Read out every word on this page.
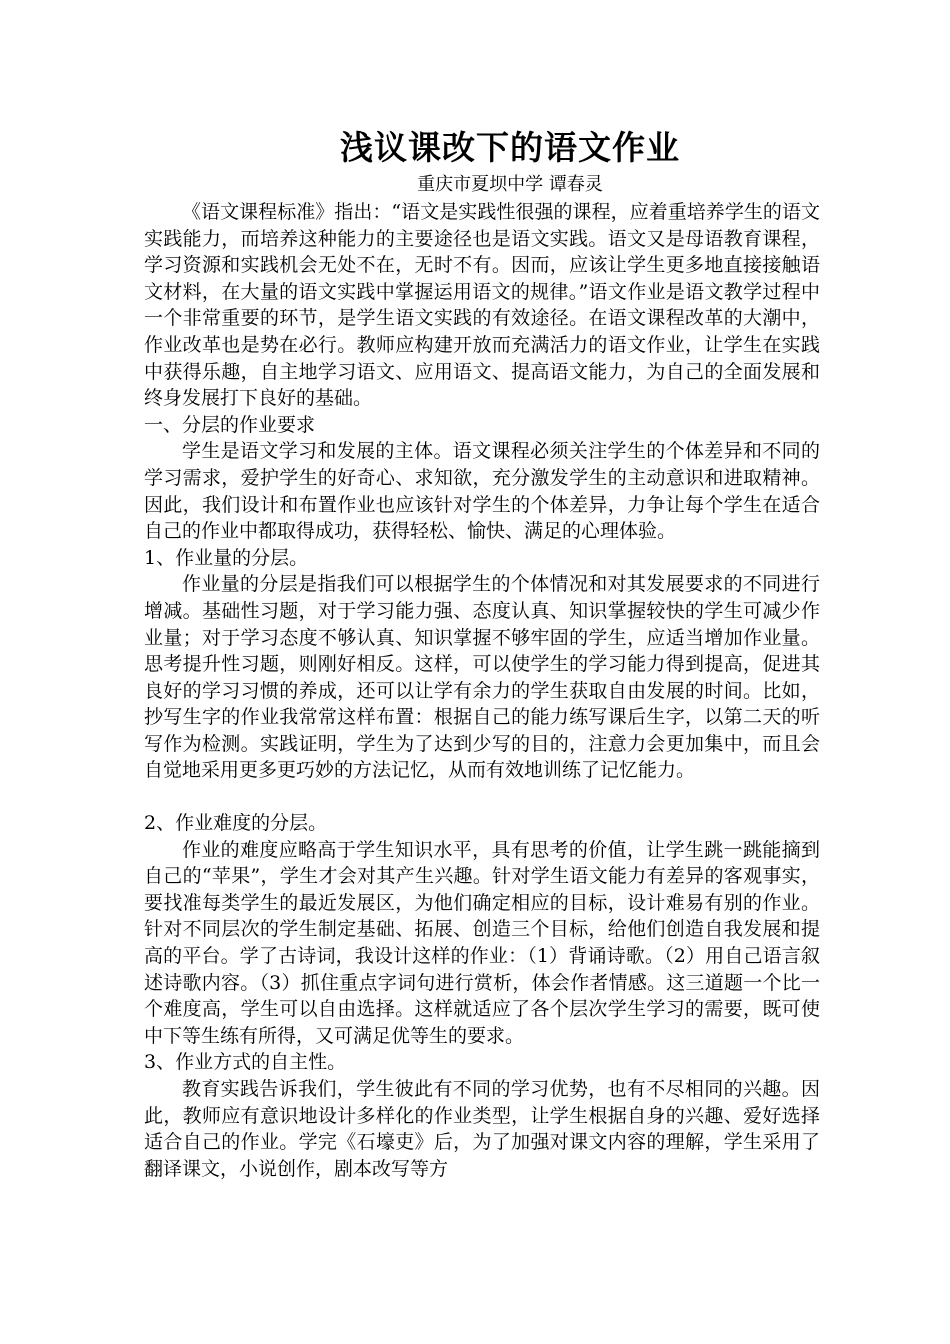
浅议课改下的语文作业

重庆市夏坝中学 谭春灵

《语文课程标准》指出：“语文是实践性很强的课程，应着重培养学生的语文实践能力，而培养这种能力的主要途径也是语文实践。语文又是母语教育课程，学习资源和实践机会无处不在，无时不有。因而，应该让学生更多地直接接触语文材料，在大量的语文实践中掌握运用语文的规律。”语文作业是语文教学过程中一个非常重要的环节，是学生语文实践的有效途径。在语文课程改革的大潮中，作业改革也是势在必行。教师应构建开放而充满活力的语文作业，让学生在实践中获得乐趣，自主地学习语文、应用语文、提高语文能力，为自己的全面发展和终身发展打下良好的基础。

一、分层的作业要求

学生是语文学习和发展的主体。语文课程必须关注学生的个体差异和不同的学习需求，爱护学生的好奇心、求知欲，充分激发学生的主动意识和进取精神。因此，我们设计和布置作业也应该针对学生的个体差异，力争让每个学生在适合自己的作业中都取得成功，获得轻松、愉快、满足的心理体验。

1、作业量的分层。

作业量的分层是指我们可以根据学生的个体情况和对其发展要求的不同进行增减。基础性习题，对于学习能力强、态度认真、知识掌握较快的学生可减少作业量；对于学习态度不够认真、知识掌握不够牢固的学生，应适当增加作业量。思考提升性习题，则刚好相反。这样，可以使学生的学习能力得到提高，促进其良好的学习习惯的养成，还可以让学有余力的学生获取自由发展的时间。比如，抄写生字的作业我常常这样布置：根据自己的能力练写课后生字，以第二天的听写作为检测。实践证明，学生为了达到少写的目的，注意力会更加集中，而且会自觉地采用更多更巧妙的方法记忆，从而有效地训练了记忆能力。

2、作业难度的分层。

作业的难度应略高于学生知识水平，具有思考的价值，让学生跳一跳能摘到自己的“苹果”，学生才会对其产生兴趣。针对学生语文能力有差异的客观事实，要找准每类学生的最近发展区，为他们确定相应的目标，设计难易有别的作业。针对不同层次的学生制定基础、拓展、创造三个目标，给他们创造自我发展和提高的平台。学了古诗词，我设计这样的作业：（1）背诵诗歌。（2）用自己语言叙述诗歌内容。（3）抓住重点字词句进行赏析，体会作者情感。这三道题一个比一个难度高，学生可以自由选择。这样就适应了各个层次学生学习的需要，既可使中下等生练有所得，又可满足优等生的要求。

3、作业方式的自主性。

教育实践告诉我们，学生彼此有不同的学习优势，也有不尽相同的兴趣。因此，教师应有意识地设计多样化的作业类型，让学生根据自身的兴趣、爱好选择适合自己的作业。学完《石壕吏》后，为了加强对课文内容的理解，学生采用了翻译课文，小说创作，剧本改写等方
